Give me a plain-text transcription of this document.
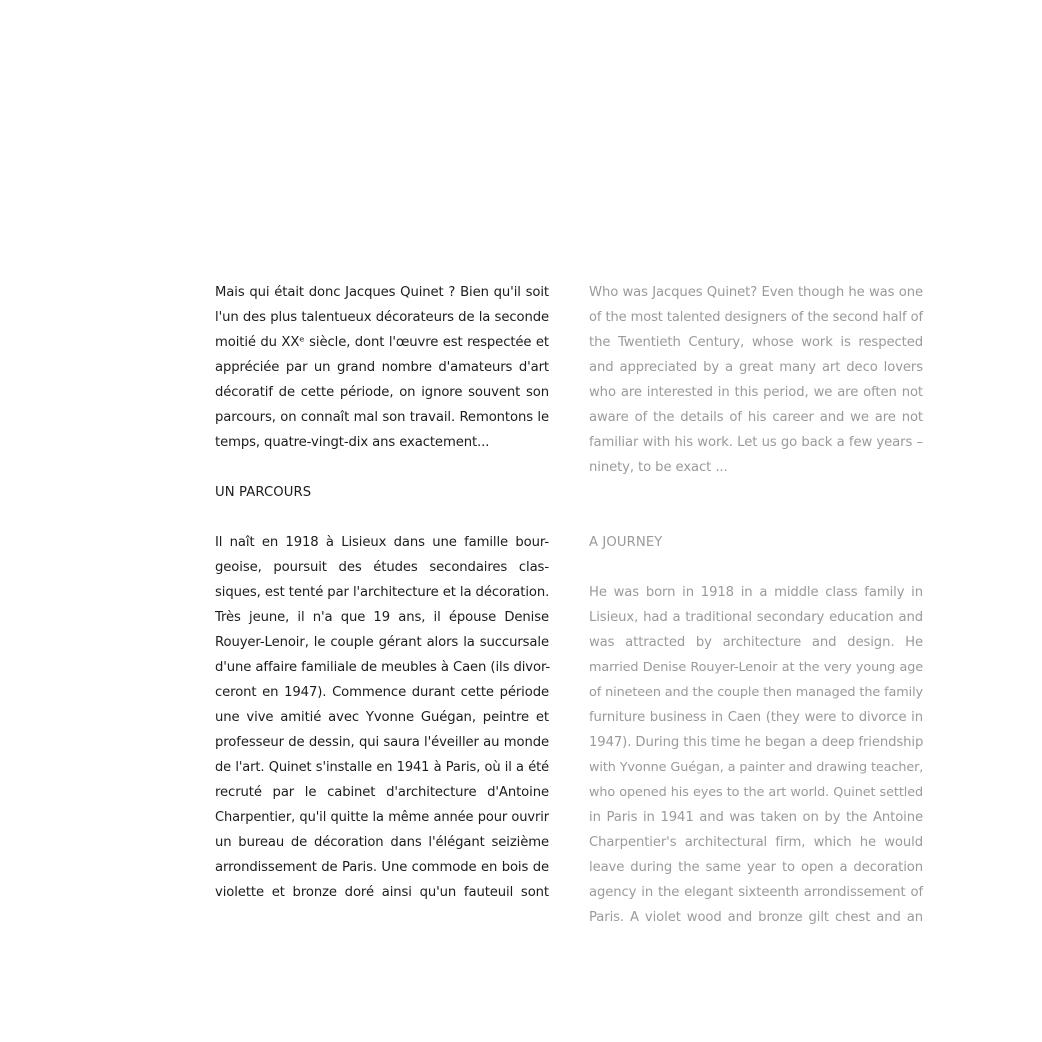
Mais qui était donc Jacques Quinet ? Bien qu'il soit
l'un des plus talentueux décorateurs de la seconde
moitié du XXᵉ siècle, dont l'œuvre est respectée et
appréciée par un grand nombre d'amateurs d'art
décoratif de cette période, on ignore souvent son
parcours, on connaît mal son travail. Remontons le
temps, quatre-vingt-dix ans exactement...
UN PARCOURS
Il naît en 1918 à Lisieux dans une famille bour-
geoise, poursuit des études secondaires clas-
siques, est tenté par l'architecture et la décoration.
Très jeune, il n'a que 19 ans, il épouse Denise
Rouyer-Lenoir, le couple gérant alors la succursale
d'une affaire familiale de meubles à Caen (ils divor-
ceront en 1947). Commence durant cette période
une vive amitié avec Yvonne Guégan, peintre et
professeur de dessin, qui saura l'éveiller au monde
de l'art. Quinet s'installe en 1941 à Paris, où il a été
recruté par le cabinet d'architecture d'Antoine
Charpentier, qu'il quitte la même année pour ouvrir
un bureau de décoration dans l'élégant seizième
arrondissement de Paris. Une commode en bois de
violette et bronze doré ainsi qu'un fauteuil sont
Who was Jacques Quinet? Even though he was one
of the most talented designers of the second half of
the Twentieth Century, whose work is respected
and appreciated by a great many art deco lovers
who are interested in this period, we are often not
aware of the details of his career and we are not
familiar with his work. Let us go back a few years –
ninety, to be exact ...
A JOURNEY
He was born in 1918 in a middle class family in
Lisieux, had a traditional secondary education and
was attracted by architecture and design. He
married Denise Rouyer-Lenoir at the very young age
of nineteen and the couple then managed the family
furniture business in Caen (they were to divorce in
1947). During this time he began a deep friendship
with Yvonne Guégan, a painter and drawing teacher,
who opened his eyes to the art world. Quinet settled
in Paris in 1941 and was taken on by the Antoine
Charpentier's architectural firm, which he would
leave during the same year to open a decoration
agency in the elegant sixteenth arrondissement of
Paris. A violet wood and bronze gilt chest and an
